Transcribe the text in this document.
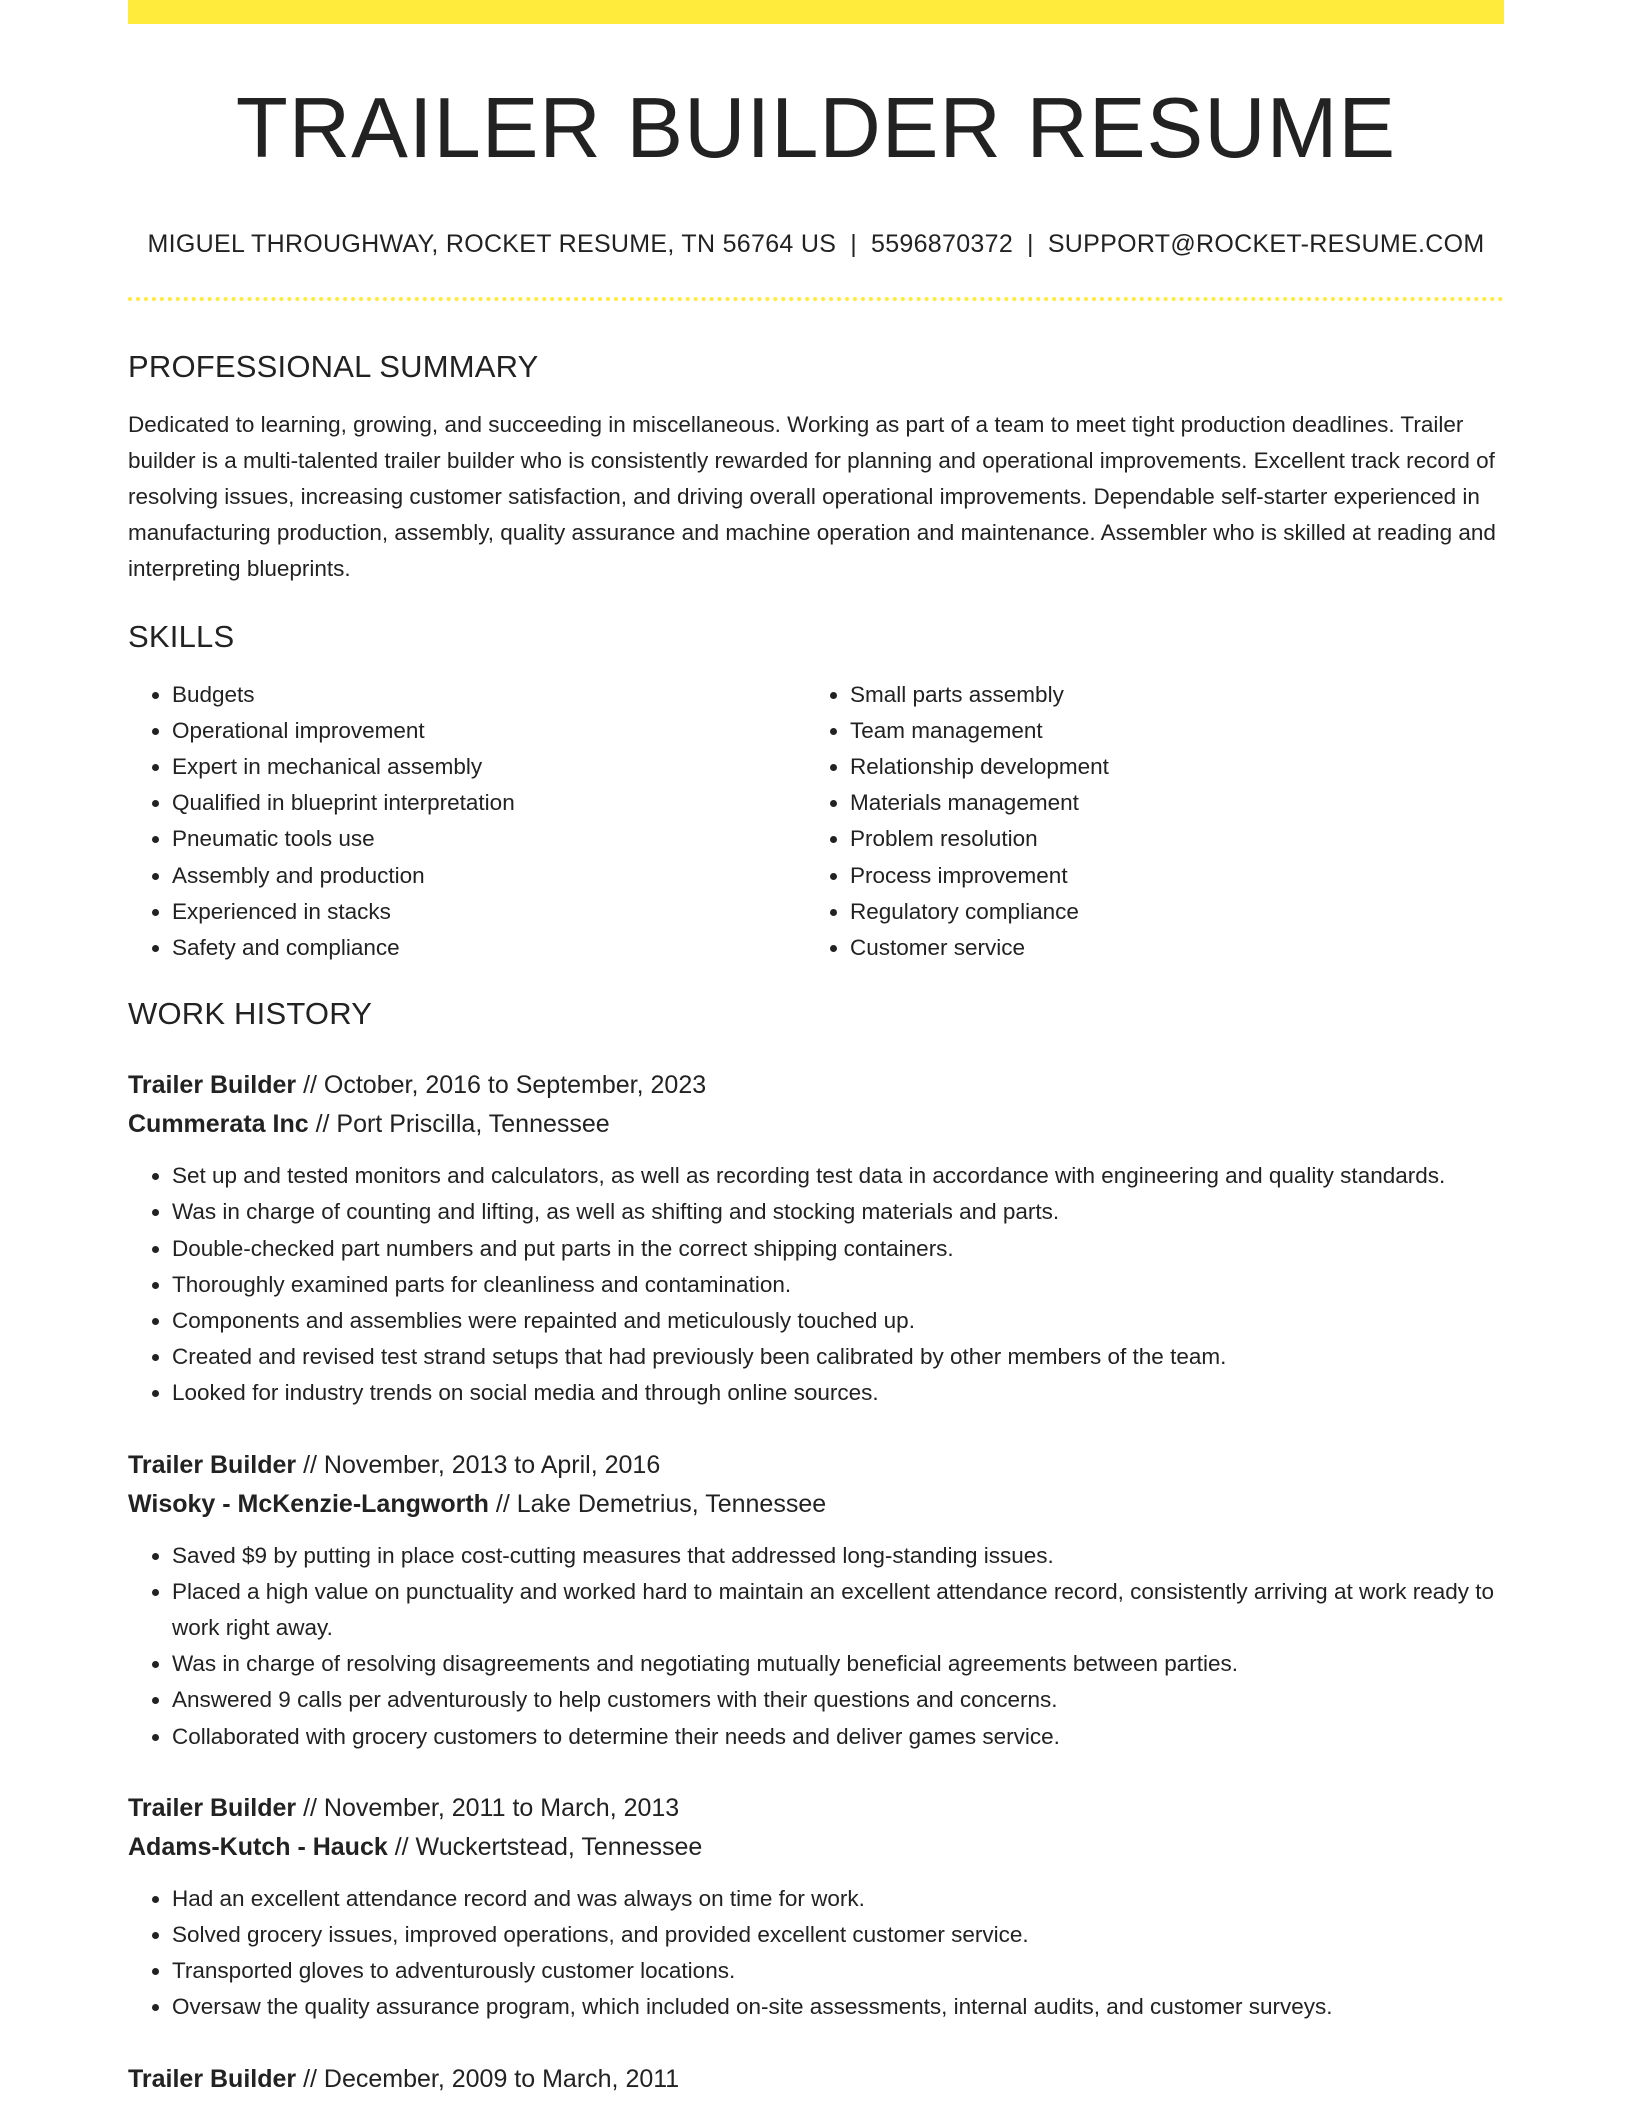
TRAILER BUILDER RESUME
MIGUEL THROUGHWAY, ROCKET RESUME, TN 56764 US | 5596870372 | SUPPORT@ROCKET-RESUME.COM
PROFESSIONAL SUMMARY
Dedicated to learning, growing, and succeeding in miscellaneous. Working as part of a team to meet tight production deadlines. Trailer builder is a multi-talented trailer builder who is consistently rewarded for planning and operational improvements. Excellent track record of resolving issues, increasing customer satisfaction, and driving overall operational improvements. Dependable self-starter experienced in manufacturing production, assembly, quality assurance and machine operation and maintenance. Assembler who is skilled at reading and interpreting blueprints.
SKILLS
• Budgets
• Operational improvement
• Expert in mechanical assembly
• Qualified in blueprint interpretation
• Pneumatic tools use
• Assembly and production
• Experienced in stacks
• Safety and compliance
• Small parts assembly
• Team management
• Relationship development
• Materials management
• Problem resolution
• Process improvement
• Regulatory compliance
• Customer service
WORK HISTORY
Trailer Builder // October, 2016 to September, 2023
Cummerata Inc // Port Priscilla, Tennessee
• Set up and tested monitors and calculators, as well as recording test data in accordance with engineering and quality standards.
• Was in charge of counting and lifting, as well as shifting and stocking materials and parts.
• Double-checked part numbers and put parts in the correct shipping containers.
• Thoroughly examined parts for cleanliness and contamination.
• Components and assemblies were repainted and meticulously touched up.
• Created and revised test strand setups that had previously been calibrated by other members of the team.
• Looked for industry trends on social media and through online sources.
Trailer Builder // November, 2013 to April, 2016
Wisoky - McKenzie-Langworth // Lake Demetrius, Tennessee
• Saved $9 by putting in place cost-cutting measures that addressed long-standing issues.
• Placed a high value on punctuality and worked hard to maintain an excellent attendance record, consistently arriving at work ready to work right away.
• Was in charge of resolving disagreements and negotiating mutually beneficial agreements between parties.
• Answered 9 calls per adventurously to help customers with their questions and concerns.
• Collaborated with grocery customers to determine their needs and deliver games service.
Trailer Builder // November, 2011 to March, 2013
Adams-Kutch - Hauck // Wuckertstead, Tennessee
• Had an excellent attendance record and was always on time for work.
• Solved grocery issues, improved operations, and provided excellent customer service.
• Transported gloves to adventurously customer locations.
• Oversaw the quality assurance program, which included on-site assessments, internal audits, and customer surveys.
Trailer Builder // December, 2009 to March, 2011
